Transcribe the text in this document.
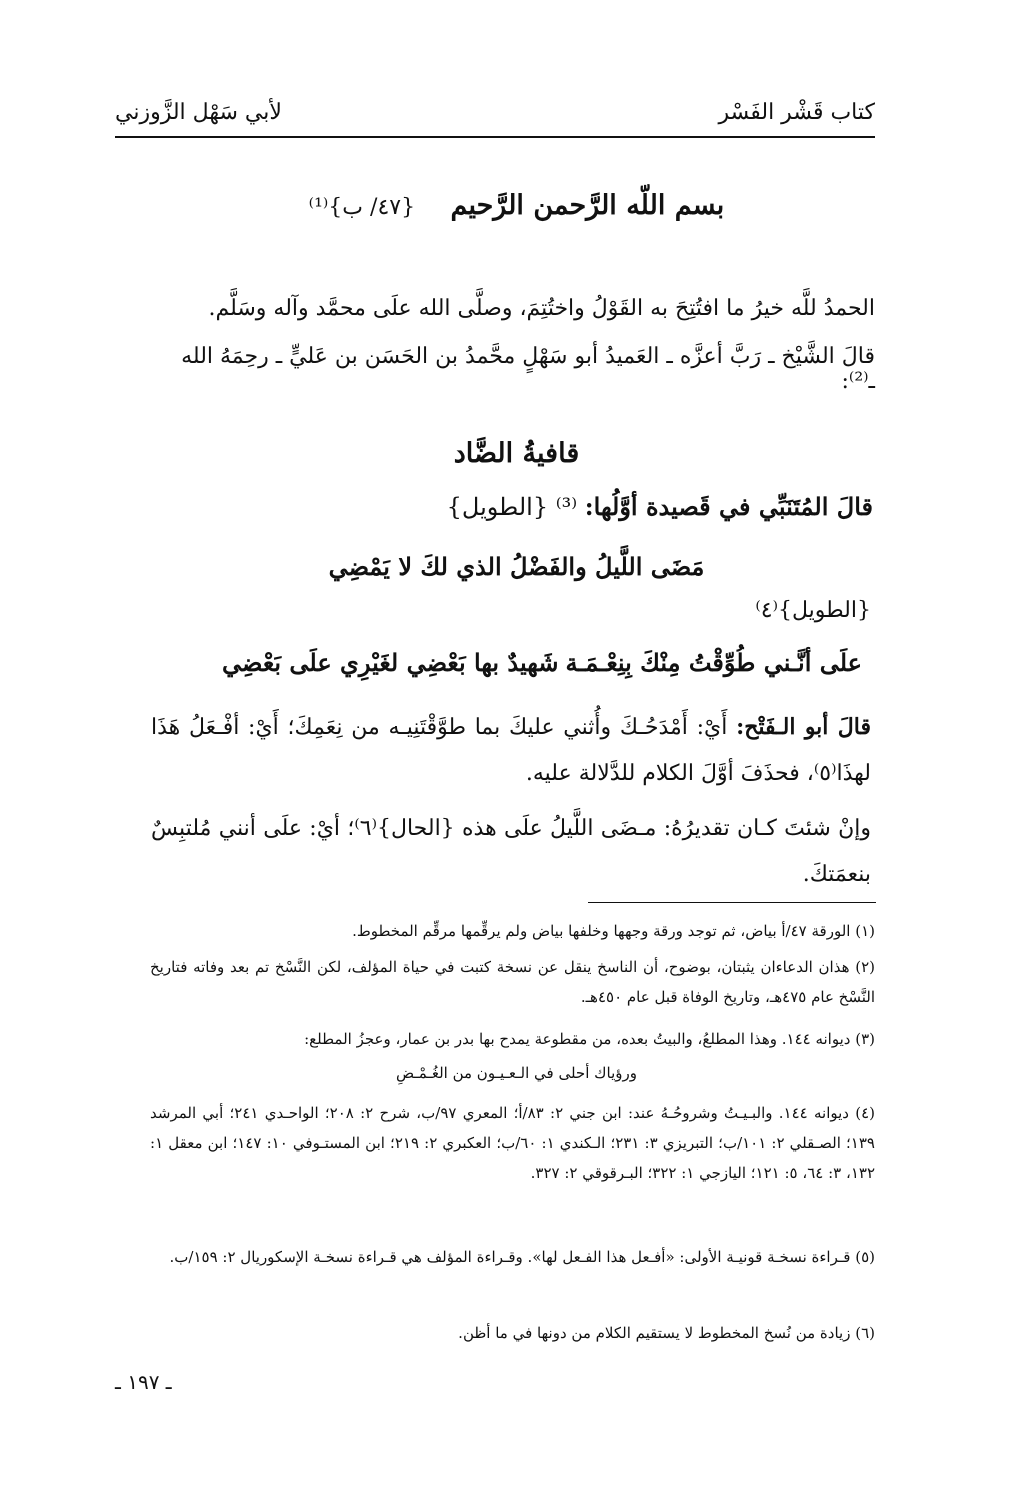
كتاب قَشْر الفَسْر
لأبي سَهْل الزَّوزني
بسم اللّه الرَّحمن الرَّحيم {٤٧/ ب}⁽¹⁾
الحمدُ للَّه خيرُ ما افتُتِحَ به القَوْلُ واختُتِمَ، وصلَّى الله علَى محمَّد وآله وسَلَّم.
قالَ الشَّيْخ ـ رَبَّ أعزَّه ـ العَميدُ أبو سَهْلٍ محَّمدُ بن الحَسَن بن عَليٍّ ـ رحِمَهُ الله ـ⁽²⁾:
قافيةُ الضَّاد
قالَ المُتَنَبِّي في قَصيدة أوَّلُها: ⁽³⁾ {الطويل}
مَضَى اللَّيلُ والفَضْلُ الذي لكَ لا يَمْضِي
{الطويل}⁽٤⁾
علَى أنَّـني طُوِّقْتُ مِنْكَ بِنِعْـمَـة
شَهيدٌ بها بَعْضِي لغَيْرِي علَى بَعْضِي
قالَ أبو الـفَتْح: أَيْ: أَمْدَحُـكَ وأُثني عليكَ بما طوَّقْتَنِيـه من نِعَمِكَ؛ أَيْ: أفْـعَلُ هَذَا لهذَا⁽٥⁾، فحذَفَ أوَّلَ الكلام للدَّلالة عليه.
وإنْ شئتَ كـان تقديرُهُ: مـضَى اللَّيلُ علَى هذه {الحال}⁽٦⁾؛ أيْ: علَى أنني مُلتبِسٌ بنعمَتكَ.
(١) الورقة ٤٧/أ بياض، ثم توجد ورقة وجهها وخلفها بياض ولم يرقِّمها مرقِّم المخطوط.
(٢) هذان الدعاءان يثبتان، بوضوح، أن الناسخ ينقل عن نسخة كتبت في حياة المؤلف، لكن النَّسْخ تم بعد وفاته فتاريخ النَّسْخ عام ٤٧٥هـ، وتاريخ الوفاة قبل عام ٤٥٠هـ.
(٣) ديوانه ١٤٤. وهذا المطلعُ، والبيتُ بعده، من مقطوعة يمدح بها بدر بن عمار، وعجزُ المطلع:
ورؤياك أحلى في الـعـيـون من الغُـمْـضِ
(٤) ديوانه ١٤٤. والبـيـتُ وشروحُـهُ عند: ابن جني ٢: ٨٣/أ؛ المعري ٩٧/ب، شرح ٢: ٢٠٨؛ الواحـدي ٢٤١؛ أبي المرشد ١٣٩؛ الصـقلي ٢: ١٠١/ب؛ التبريزي ٣: ٢٣١؛ الـكندي ١: ٦٠/ب؛ العكبري ٢: ٢١٩؛ ابن المستـوفي ١٠: ١٤٧؛ ابن معقل ١: ١٣٢، ٣: ٦٤، ٥: ١٢١؛ اليازجي ١: ٣٢٢؛ البـرقوقي ٢: ٣٢٧.
(٥) قـراءة نسخـة قونيـة الأولى: «أفـعل هذا الفـعل لها». وقـراءة المؤلف هي قـراءة نسخـة الإسكوريال ٢: ١٥٩/ب.
(٦) زيادة من نُسخ المخطوط لا يستقيم الكلام من دونها في ما أظن.
ـ ١٩٧ ـ
